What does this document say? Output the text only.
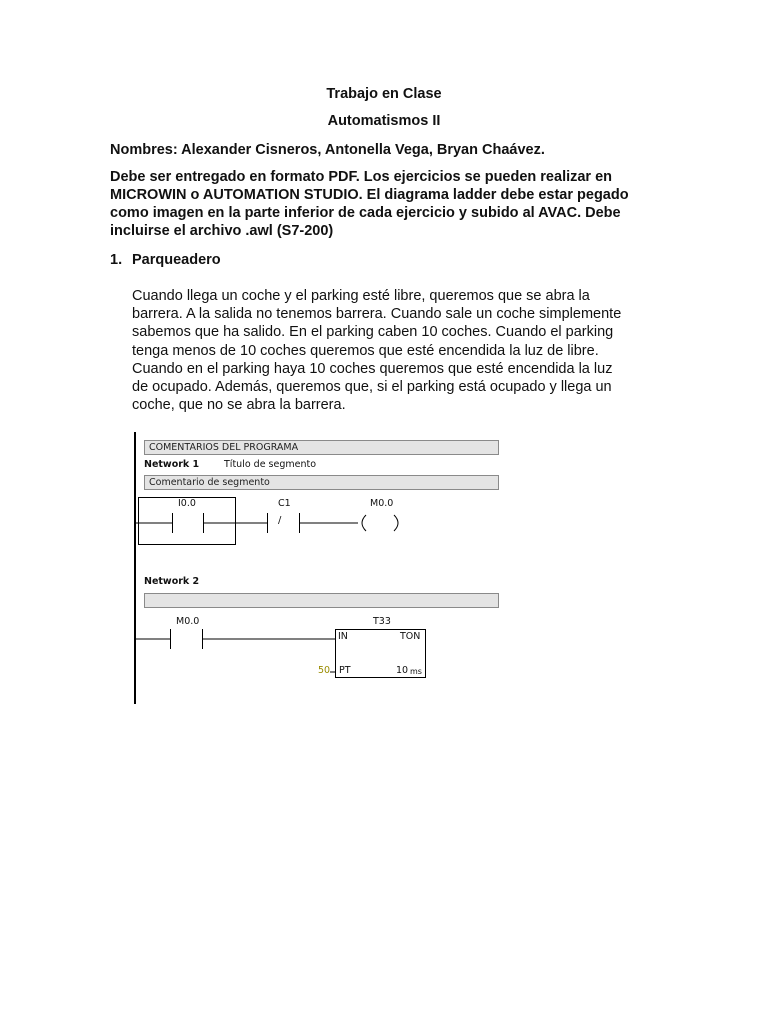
Trabajo en Clase
Automatismos II
Nombres: Alexander Cisneros, Antonella Vega, Bryan Chaávez.
Debe ser entregado en formato PDF. Los ejercicios se pueden realizar en
MICROWIN o AUTOMATION STUDIO. El diagrama ladder debe estar pegado
como imagen en la parte inferior de cada ejercicio y subido al AVAC. Debe
incluirse el archivo .awl (S7-200)
1. Parqueadero
Cuando llega un coche y el parking esté libre, queremos que se abra la
barrera. A la salida no tenemos barrera. Cuando sale un coche simplemente
sabemos que ha salido. En el parking caben 10 coches. Cuando el parking
tenga menos de 10 coches queremos que esté encendida la luz de libre.
Cuando en el parking haya 10 coches queremos que esté encendida la luz
de ocupado. Además, queremos que, si el parking está ocupado y llega un
coche, que no se abra la barrera.
COMENTARIOS DEL PROGRAMA
Network 1	Título de segmento
Comentario de segmento
I0.0	C1
/
M0.0
Network 2
M0.0	T33
IN	TON
50 PT	10 ms
